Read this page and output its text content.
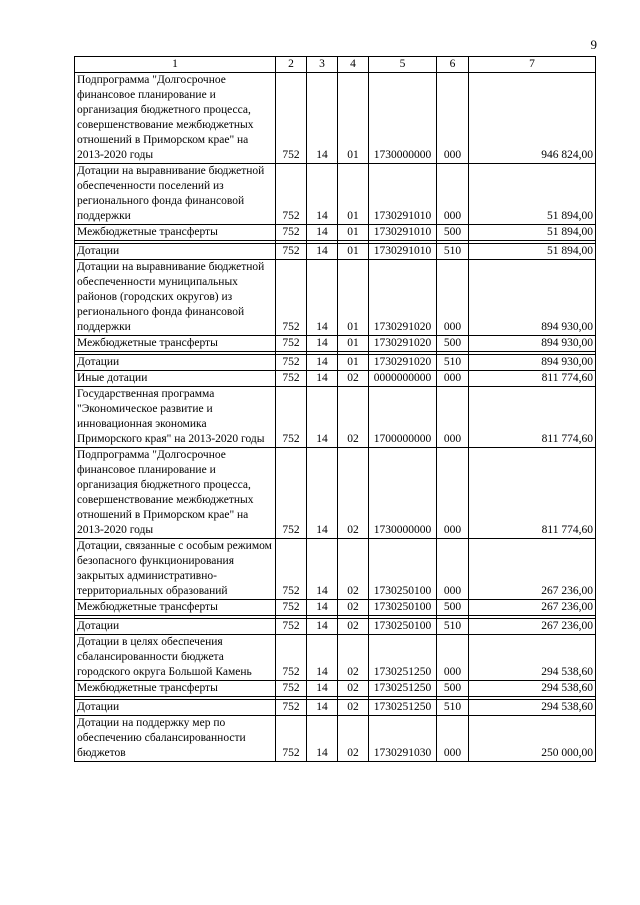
9
1	2	3	4	5	6	7
Подпрограмма "Долгосрочное финансовое планирование и организация бюджетного процесса, совершенствование межбюджетных отношений в Приморском крае" на 2013-2020 годы	752	14	01	1730000000	000	946 824,00
Дотации на выравнивание бюджетной обеспеченности поселений из регионального фонда финансовой поддержки	752	14	01	1730291010	000	51 894,00
Межбюджетные трансферты	752	14	01	1730291010	500	51 894,00

Дотации	752	14	01	1730291010	510	51 894,00
Дотации на выравнивание бюджетной обеспеченности муниципальных районов (городских округов) из регионального фонда финансовой поддержки	752	14	01	1730291020	000	894 930,00
Межбюджетные трансферты	752	14	01	1730291020	500	894 930,00

Дотации	752	14	01	1730291020	510	894 930,00
Иные дотации	752	14	02	0000000000	000	811 774,60
Государственная программа "Экономическое развитие и инновационная экономика Приморского края" на 2013-2020 годы	752	14	02	1700000000	000	811 774,60
Подпрограмма "Долгосрочное финансовое планирование и организация бюджетного процесса, совершенствование межбюджетных отношений в Приморском крае" на 2013-2020 годы	752	14	02	1730000000	000	811 774,60
Дотации, связанные с особым режимом безопасного функционирования закрытых административно-территориальных образований	752	14	02	1730250100	000	267 236,00
Межбюджетные трансферты	752	14	02	1730250100	500	267 236,00

Дотации	752	14	02	1730250100	510	267 236,00
Дотации в целях обеспечения сбалансированности бюджета городского округа Большой Камень	752	14	02	1730251250	000	294 538,60
Межбюджетные трансферты	752	14	02	1730251250	500	294 538,60

Дотации	752	14	02	1730251250	510	294 538,60
Дотации на поддержку мер по обеспечению сбалансированности бюджетов	752	14	02	1730291030	000	250 000,00
